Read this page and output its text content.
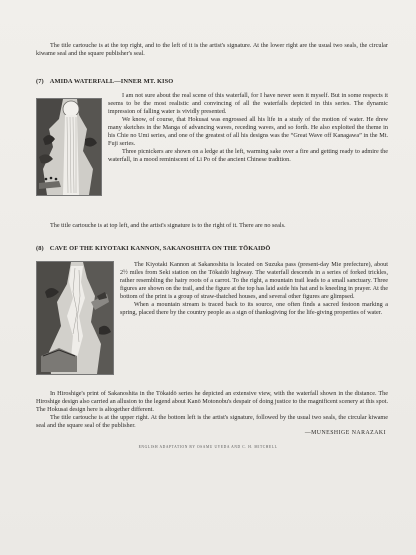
The title cartouche is at the top right, and to the left of it is the artist's signature. At the lower right are the usual two seals, the circular kiwame seal and the square publisher's seal.

(7) AMIDA WATERFALL—INNER MT. KISO

I am not sure about the real scene of this waterfall, for I have never seen it myself. But in some respects it seems to be the most realistic and convincing of all the waterfalls depicted in this series. The dynamic impression of falling water is vividly presented.

We know, of course, that Hokusai was engrossed all his life in a study of the motion of water. He drew many sketches in the Manga of advancing waves, receding waves, and so forth. He also exploited the theme in his Chie no Umi series, and one of the greatest of all his designs was the “Great Wave off Kanagawa” in the Mt. Fuji series.

Three picnickers are shown on a ledge at the left, warming sake over a fire and getting ready to admire the waterfall, in a mood reminiscent of Li Po of the ancient Chinese tradition.

The title cartouche is at top left, and the artist's signature is to the right of it. There are no seals.

(8) CAVE OF THE KIYOTAKI KANNON, SAKANOSHITA ON THE TŌKAIDŌ

The Kiyotaki Kannon at Sakanoshita is located on Suzuka pass (present-day Mie prefecture), about 2½ miles from Seki station on the Tōkaidō highway. The waterfall descends in a series of forked trickles, rather resembling the hairy roots of a carrot. To the right, a mountain trail leads to a small sanctuary. Three figures are shown on the trail, and the figure at the top has laid aside his hat and is kneeling in prayer. At the bottom of the print is a group of straw-thatched houses, and several other figures are glimpsed.

When a mountain stream is traced back to its source, one often finds a sacred festoon marking a spring, placed there by the country people as a sign of thanksgiving for the life-giving properties of water.

In Hiroshige's print of Sakanoshita in the Tōkaidō series he depicted an extensive view, with the waterfall shown in the distance. The Hiroshige design also carried an allusion to the legend about Kanō Motonobu's despair of doing justice to the magnificent scenery at this spot. The Hokusai design here is altogether different.

The title cartouche is at the upper right. At the bottom left is the artist's signature, followed by the usual two seals, the circular kiwame seal and the square seal of the publisher.

—MUNESHIGE NARAZAKI
ENGLISH ADAPTATION BY OSAMU UYEDA AND C. H. MITCHELL
